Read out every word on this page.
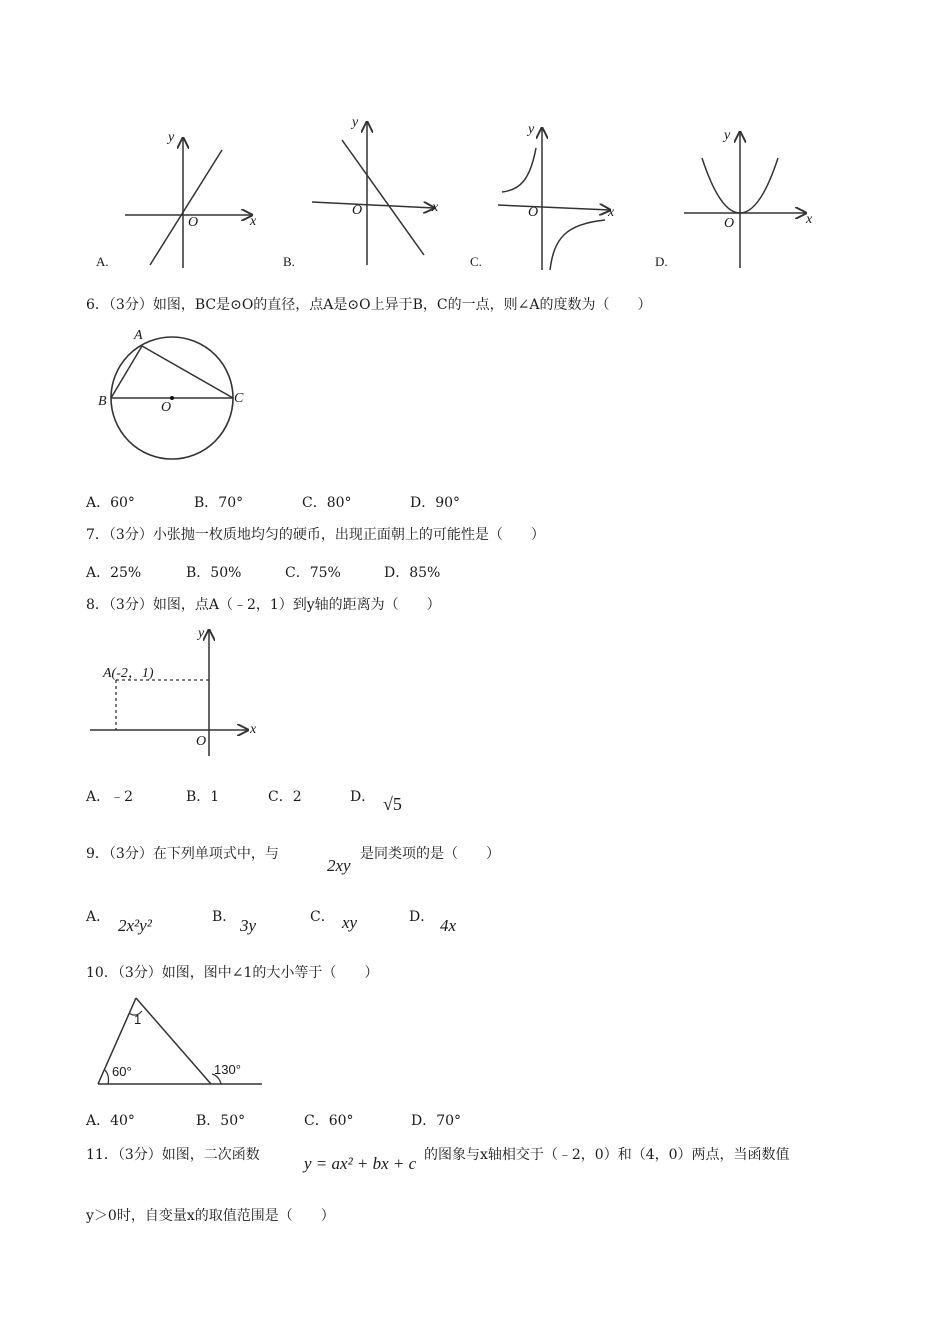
y
x
O
y
x
O
y
x
O
y
x
O
A.	B.	C.	D.
6．（3分）如图，BC是⊙O的直径，点A是⊙O上异于B，C的一点，则∠A的度数为（　　）
A
B	C
O
A．60°	B．70°	C．80°	D．90°
7．（3分）小张抛一枚质地均匀的硬币，出现正面朝上的可能性是（　　）
A．25%	B．50%	C．75%	D．85%
8．（3分）如图，点A（﹣2，1）到y轴的距离为（　　）
A(-2，1)
O
x
y
A．﹣2	B．1	C．2	D． √5
9．（3分）在下列单项式中，与
2xy
是同类项的是（　　）
A． 2x²y²	B． 3y	C． xy	D． 4x
10．（3分）如图，图中∠1的大小等于（　　）
1
60°	130°
A．40°	B．50°	C．60°	D．70°
11．（3分）如图，二次函数	y = ax² + bx + c 的图象与x轴相交于（﹣2，0）和（4，0）两点，当函数值
y＞0时，自变量x的取值范围是（　　）
